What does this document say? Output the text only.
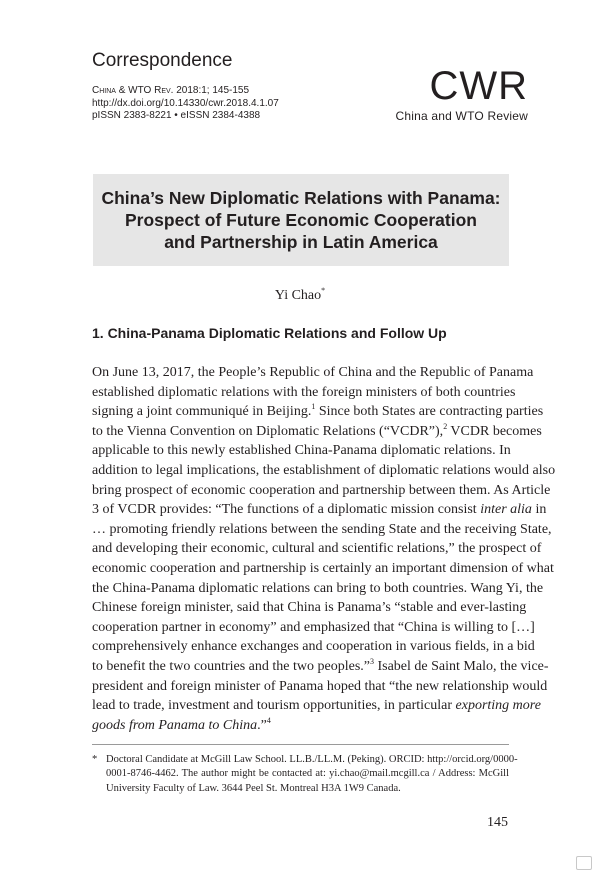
Correspondence
China & WTO Rev. 2018:1; 145-155
http://dx.doi.org/10.14330/cwr.2018.4.1.07
pISSN 2383-8221 • eISSN 2384-4388
CWR
China and WTO Review
China’s New Diplomatic Relations with Panama:
Prospect of Future Economic Cooperation
and Partnership in Latin America
Yi Chao*
1. China-Panama Diplomatic Relations and Follow Up
On June 13, 2017, the People’s Republic of China and the Republic of Panama
established diplomatic relations with the foreign ministers of both countries
signing a joint communiqué in Beijing.$^1$ Since both States are contracting parties
to the Vienna Convention on Diplomatic Relations (“VCDR”),$^2$ VCDR becomes
applicable to this newly established China-Panama diplomatic relations. In
addition to legal implications, the establishment of diplomatic relations would also
bring prospect of economic cooperation and partnership between them. As Article
3 of VCDR provides: “The functions of a diplomatic mission consist inter alia in
… promoting friendly relations between the sending State and the receiving State,
and developing their economic, cultural and scientific relations,” the prospect of
economic cooperation and partnership is certainly an important dimension of what
the China-Panama diplomatic relations can bring to both countries. Wang Yi, the
Chinese foreign minister, said that China is Panama’s “stable and ever-lasting
cooperation partner in economy” and emphasized that “China is willing to […]
comprehensively enhance exchanges and cooperation in various fields, in a bid
to benefit the two countries and the two peoples.”$^3$ Isabel de Saint Malo, the vice-
president and foreign minister of Panama hoped that “the new relationship would
lead to trade, investment and tourism opportunities, in particular exporting more
goods from Panama to China.”$^4$
* Doctoral Candidate at McGill Law School. LL.B./LL.M. (Peking). ORCID: http://orcid.org/0000-
0001-8746-4462. The author might be contacted at: yi.chao@mail.mcgill.ca / Address: McGill
University Faculty of Law. 3644 Peel St. Montreal H3A 1W9 Canada.
145
